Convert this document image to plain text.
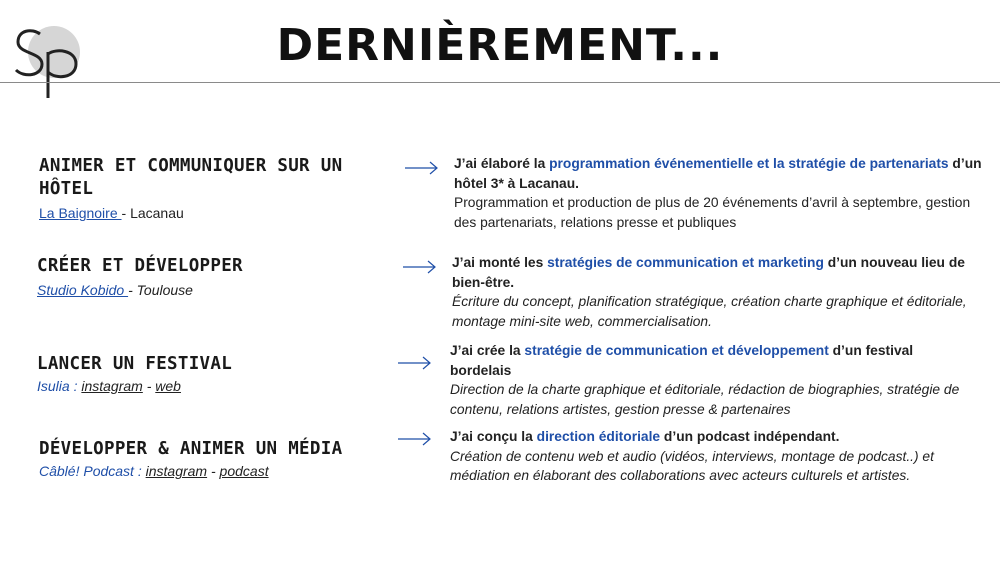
DERNIÈREMENT...
ANIMER ET COMMUNIQUER SUR UN HÔTEL
La Baignoire - Lacanau
J’ai élaboré la programmation événementielle et la stratégie de partenariats d’un hôtel 3* à Lacanau.
Programmation et production de plus de 20 événements d’avril à septembre, gestion des partenariats, relations presse et publiques
CRÉER ET DÉVELOPPER
Studio Kobido - Toulouse
J’ai monté les stratégies de communication et marketing d’un nouveau lieu de bien-être.
Écriture du concept, planification stratégique, création charte graphique et éditoriale, montage mini-site web, commercialisation.
LANCER UN FESTIVAL
Isulia : instagram - web
J’ai crée la stratégie de communication et développement d’un festival bordelais
Direction de la charte graphique et éditoriale, rédaction de biographies, stratégie de contenu, relations artistes, gestion presse & partenaires
DÉVELOPPER & ANIMER UN MÉDIA
Câblé! Podcast : instagram - podcast
J’ai conçu la direction éditoriale d’un podcast indépendant.
Création de contenu web et audio (vidéos, interviews, montage de podcast..) et médiation en élaborant des collaborations avec acteurs culturels et artistes.
